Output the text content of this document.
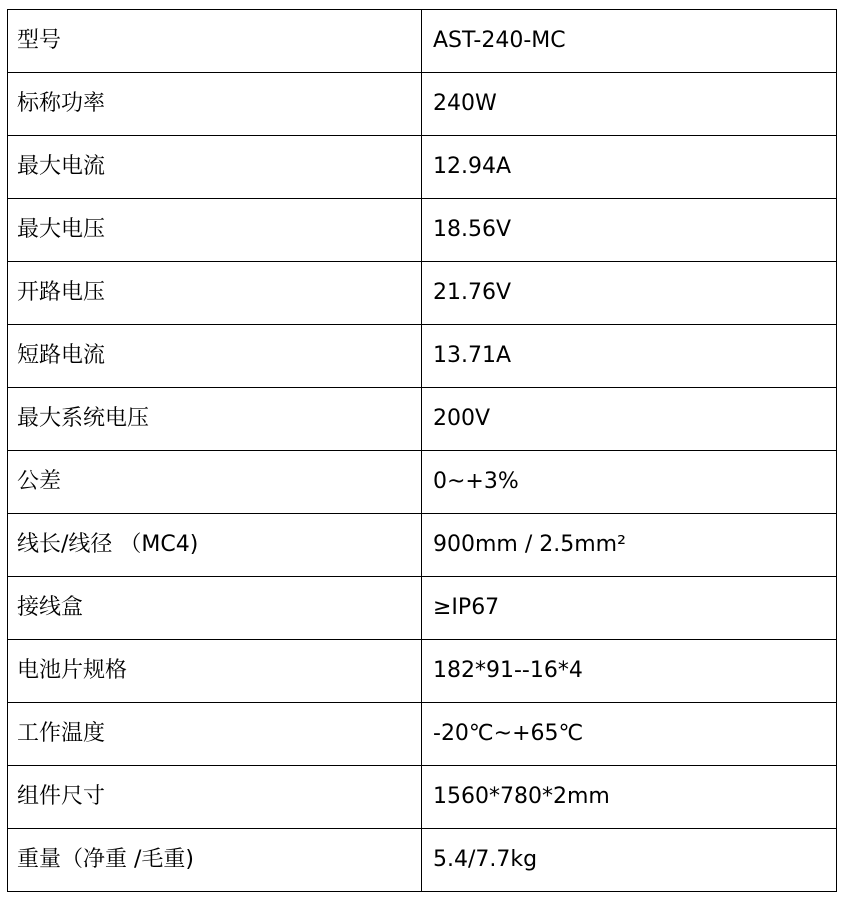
型号	AST-240-MC
标称功率	240W
最大电流	12.94A
最大电压	18.56V
开路电压	21.76V
短路电流	13.71A
最大系统电压	200V
公差	0~+3%
线长/线径 （MC4)	900mm / 2.5mm²
接线盒	≥IP67
电池片规格	182*91--16*4
工作温度	-20℃~+65℃
组件尺寸	1560*780*2mm
重量（净重 /毛重)	5.4/7.7kg
